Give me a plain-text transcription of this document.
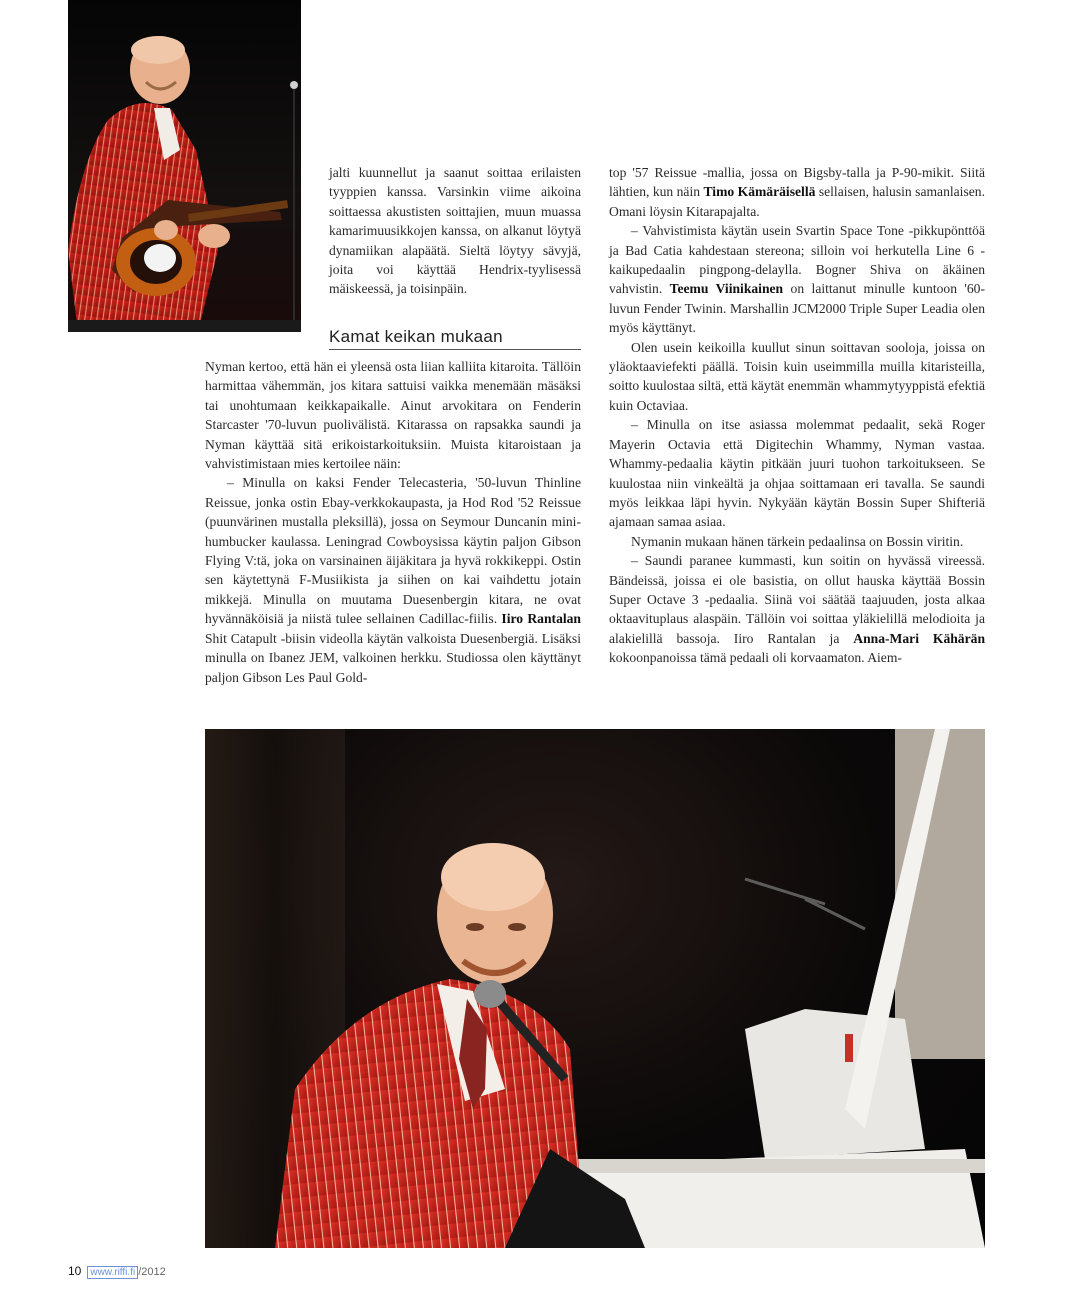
jalti kuunnellut ja saanut soittaa erilaisten tyyppien kanssa. Varsinkin viime aikoina soittaessa akustisten soittajien, muun muassa kamarimuusikkojen kanssa, on alkanut löytyä dynamiikan alapäätä. Sieltä löytyy sävyjä, joita voi käyttää Hendrix-tyylisessä mäiskeessä, ja toisinpäin.

Kamat keikan mukaan

Nyman kertoo, että hän ei yleensä osta liian kalliita kitaroita. Tällöin harmittaa vähemmän, jos kitara sattuisi vaikka menemään mäsäksi tai unohtumaan keikkapaikalle. Ainut arvokitara on Fenderin Starcaster '70-luvun puolivälistä. Kitarassa on rapsakka saundi ja Nyman käyttää sitä erikoistarkoituksiin. Muista kitaroistaan ja vahvistimistaan mies kertoilee näin:

– Minulla on kaksi Fender Telecasteria, '50-luvun Thinline Reissue, jonka ostin Ebay-verkkokaupasta, ja Hod Rod '52 Reissue (puunvärinen mustalla pleksillä), jossa on Seymour Duncanin mini-humbucker kaulassa. Leningrad Cowboysissa käytin paljon Gibson Flying V:tä, joka on varsinainen äijäkitara ja hyvä rokkikeppi. Ostin sen käytettynä F-Musiikista ja siihen on kai vaihdettu jotain mikkejä. Minulla on muutama Duesenbergin kitara, ne ovat hyvännäköisiä ja niistä tulee sellainen Cadillac-fiilis. Iiro Rantalan Shit Catapult -biisin videolla käytän valkoista Duesenbergiä. Lisäksi minulla on Ibanez JEM, valkoinen herkku. Studiossa olen käyttänyt paljon Gibson Les Paul Gold-

top '57 Reissue -mallia, jossa on Bigsby-talla ja P-90-mikit. Siitä lähtien, kun näin Timo Kämäräisellä sellaisen, halusin samanlaisen. Omani löysin Kitarapajalta.

– Vahvistimista käytän usein Svartin Space Tone -pikkupönttöä ja Bad Catia kahdestaan stereona; silloin voi herkutella Line 6 -kaikupedaalin pingpong-delaylla. Bogner Shiva on äkäinen vahvistin. Teemu Viinikainen on laittanut minulle kuntoon '60-luvun Fender Twinin. Marshallin JCM2000 Triple Super Leadia olen myös käyttänyt.

Olen usein keikoilla kuullut sinun soittavan sooloja, joissa on yläoktaaviefekti päällä. Toisin kuin useimmilla muilla kitaristeilla, soitto kuulostaa siltä, että käytät enemmän whammytyyppistä efektiä kuin Octaviaa.

– Minulla on itse asiassa molemmat pedaalit, sekä Roger Mayerin Octavia että Digitechin Whammy, Nyman vastaa. Whammy-pedaalia käytin pitkään juuri tuohon tarkoitukseen. Se kuulostaa niin vinkeältä ja ohjaa soittamaan eri tavalla. Se saundi myös leikkaa läpi hyvin. Nykyään käytän Bossin Super Shifteriä ajamaan samaa asiaa.

Nymanin mukaan hänen tärkein pedaalinsa on Bossin viritin.

– Saundi paranee kummasti, kun soitin on hyvässä vireessä. Bändeissä, joissa ei ole basistia, on ollut hauska käyttää Bossin Super Octave 3 -pedaalia. Siinä voi säätää taajuuden, josta alkaa oktaavituplaus alaspäin. Tällöin voi soittaa yläkielillä melodioita ja alakielillä bassoja. Iiro Rantalan ja Anna-Mari Kähärän kokoonpanoissa tämä pedaali oli korvaamaton. Aiem-

10 www.riffi.fi /2012
